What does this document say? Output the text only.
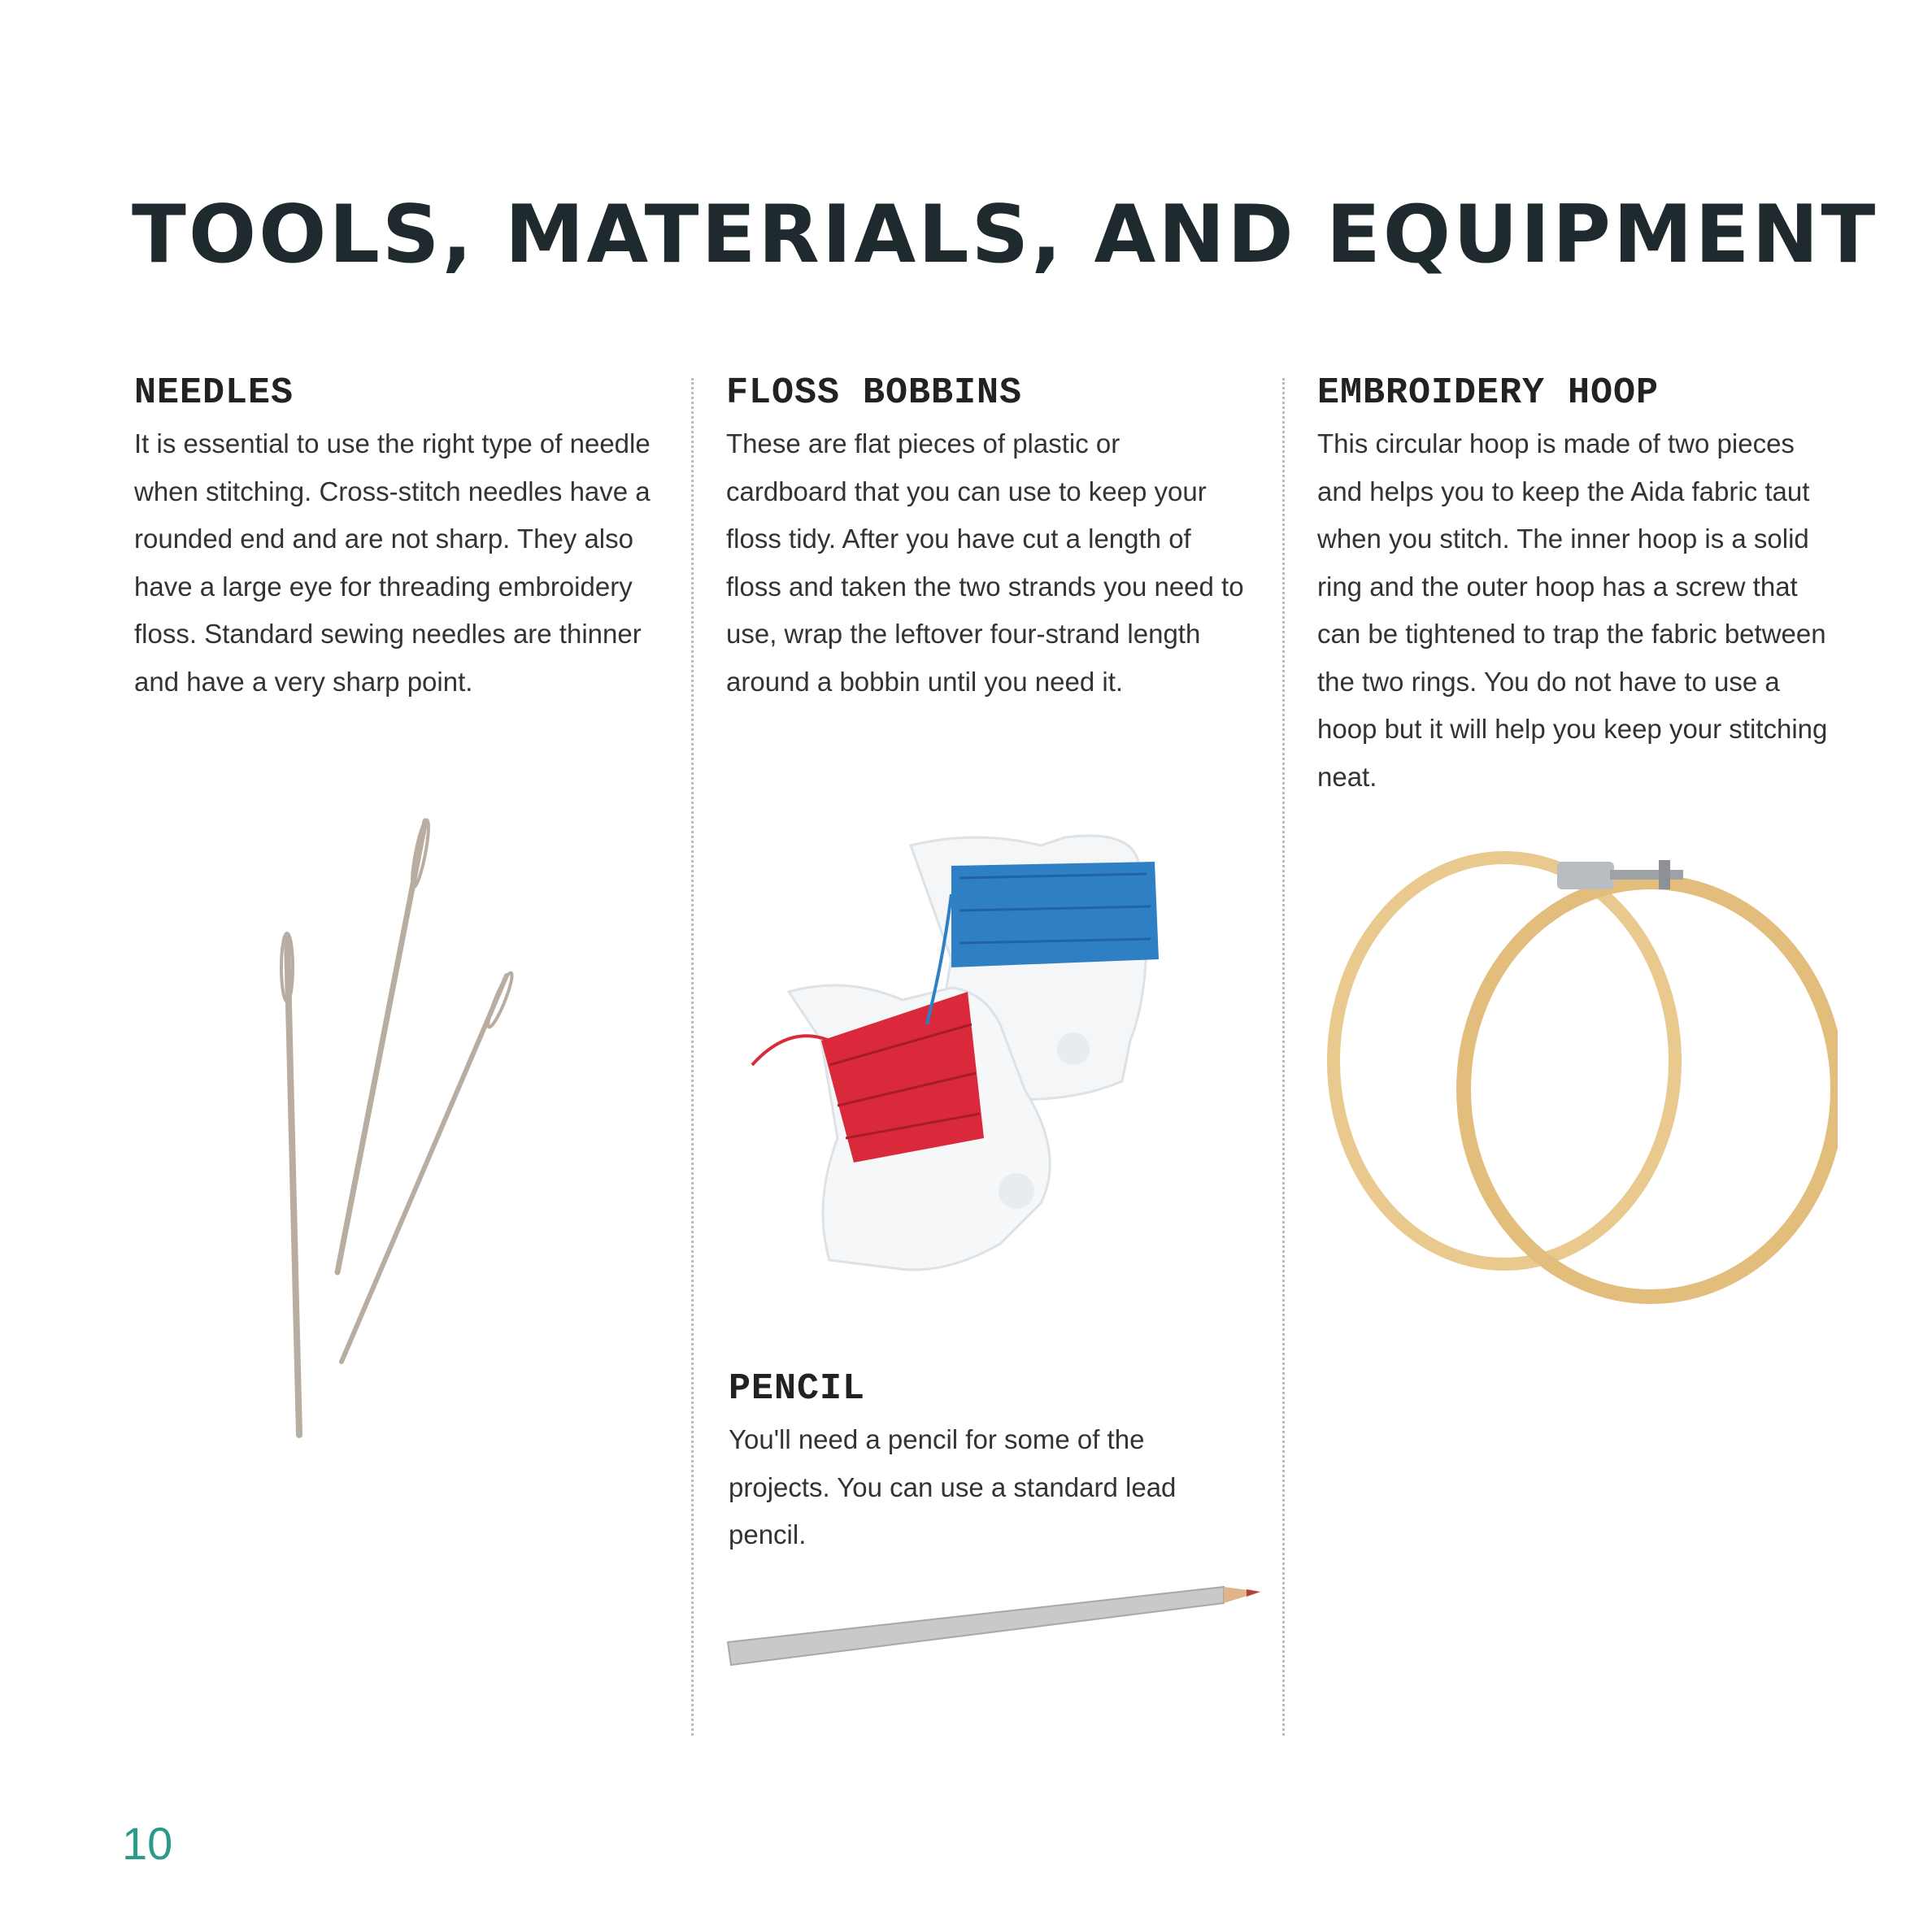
TOOLS, MATERIALS, AND EQUIPMENT
NEEDLES

It is essential to use the right type of needle when stitching. Cross-stitch needles have a rounded end and are not sharp. They also have a large eye for threading embroidery floss. Standard sewing needles are thinner and have a very sharp point.

FLOSS BOBBINS

These are flat pieces of plastic or cardboard that you can use to keep your floss tidy. After you have cut a length of floss and taken the two strands you need to use, wrap the leftover four-strand length around a bobbin until you need it.

EMBROIDERY HOOP

This circular hoop is made of two pieces and helps you to keep the Aida fabric taut when you stitch. The inner hoop is a solid ring and the outer hoop has a screw that can be tightened to trap the fabric between the two rings. You do not have to use a hoop but it will help you keep your stitching neat.

PENCIL

You'll need a pencil for some of the projects. You can use a standard lead pencil.

10
